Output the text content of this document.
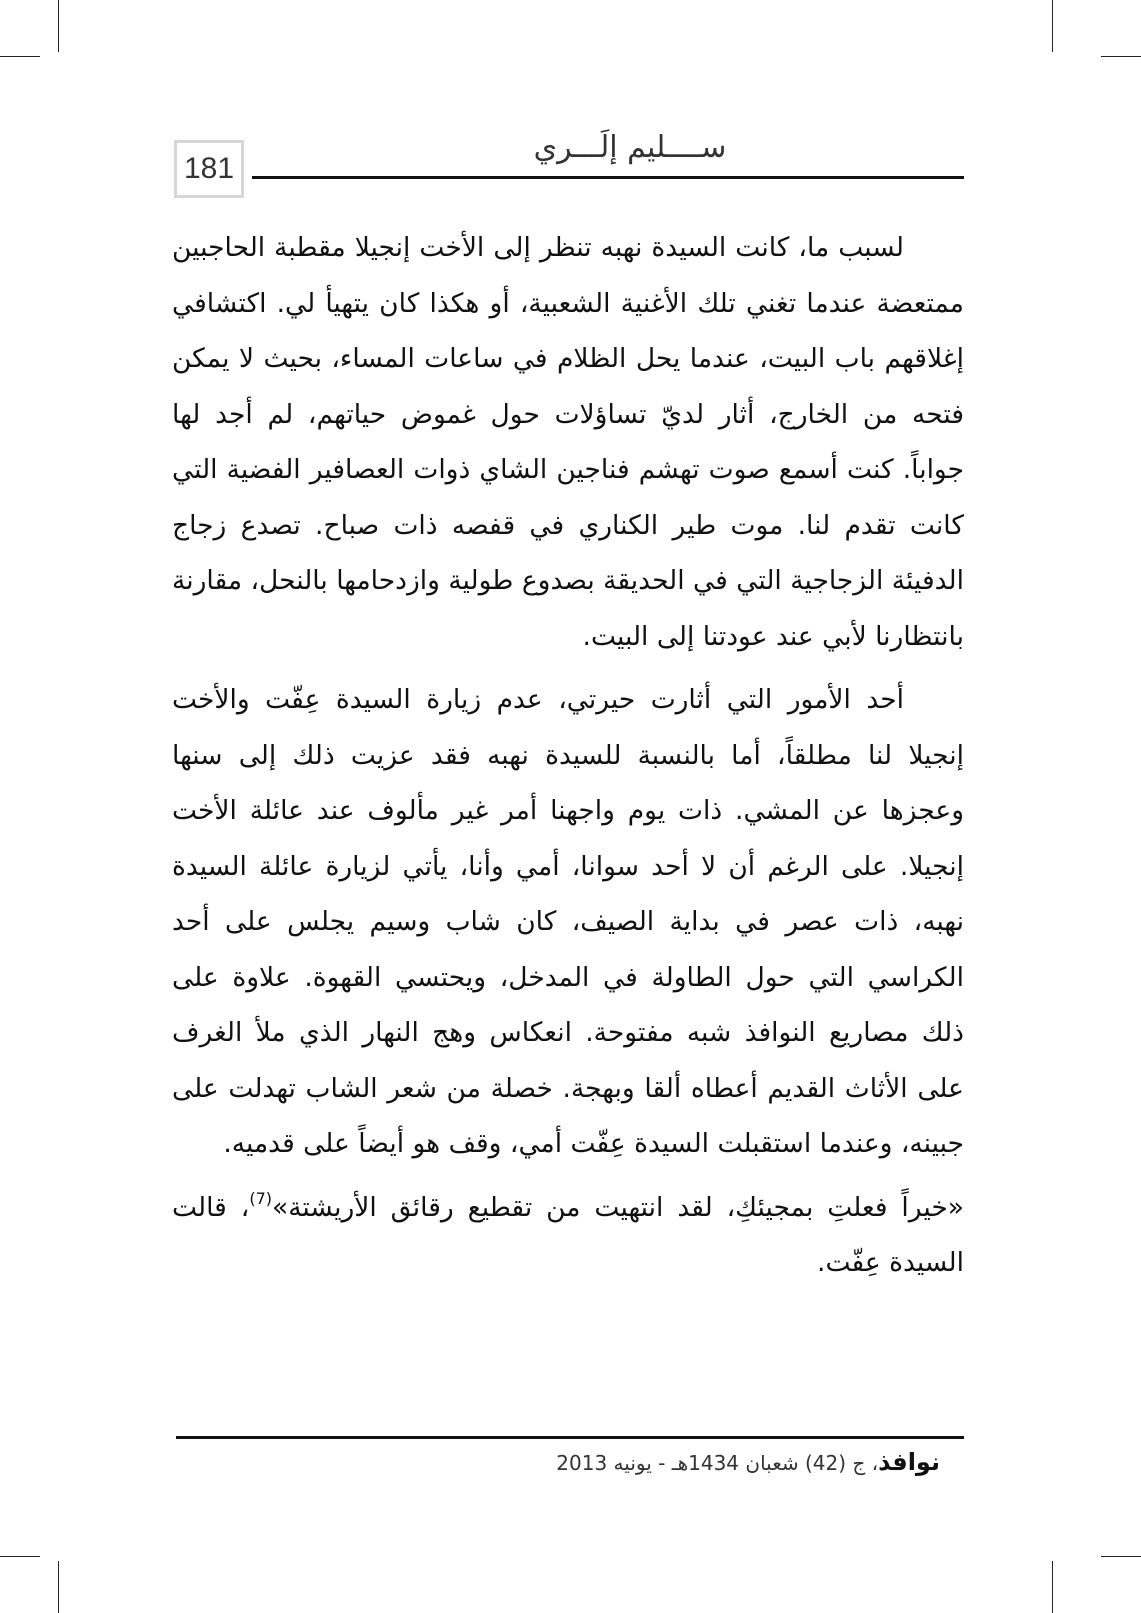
181
ســــليم إلَـــري

لسبب ما، كانت السيدة نهبه تنظر إلى الأخت إنجيلا مقطبة الحاجبين ممتعضة عندما تغني تلك الأغنية الشعبية، أو هكذا كان يتهيأ لي. اكتشافي إغلاقهم باب البيت، عندما يحل الظلام في ساعات المساء، بحيث لا يمكن فتحه من الخارج، أثار لديّ تساؤلات حول غموض حياتهم، لم أجد لها جواباً. كنت أسمع صوت تهشم فناجين الشاي ذوات العصافير الفضية التي كانت تقدم لنا. موت طير الكناري في قفصه ذات صباح. تصدع زجاج الدفيئة الزجاجية التي في الحديقة بصدوع طولية وازدحامها بالنحل، مقارنة بانتظارنا لأبي عند عودتنا إلى البيت.

أحد الأمور التي أثارت حيرتي، عدم زيارة السيدة عِفّت والأخت إنجيلا لنا مطلقاً، أما بالنسبة للسيدة نهبه فقد عزيت ذلك إلى سنها وعجزها عن المشي. ذات يوم واجهنا أمر غير مألوف عند عائلة الأخت إنجيلا. على الرغم أن لا أحد سوانا، أمي وأنا، يأتي لزيارة عائلة السيدة نهبه، ذات عصر في بداية الصيف، كان شاب وسيم يجلس على أحد الكراسي التي حول الطاولة في المدخل، ويحتسي القهوة. علاوة على ذلك مصاريع النوافذ شبه مفتوحة. انعكاس وهج النهار الذي ملأ الغرف على الأثاث القديم أعطاه ألقا وبهجة. خصلة من شعر الشاب تهدلت على جبينه، وعندما استقبلت السيدة عِفّت أمي، وقف هو أيضاً على قدميه.

«خيراً فعلتِ بمجيئكِ، لقد انتهيت من تقطيع رقائق الأريشتة»$^{(7)}$، قالت السيدة عِفّت.

نوافذ، ج (42) شعبان 1434هـ - يونيه 2013
